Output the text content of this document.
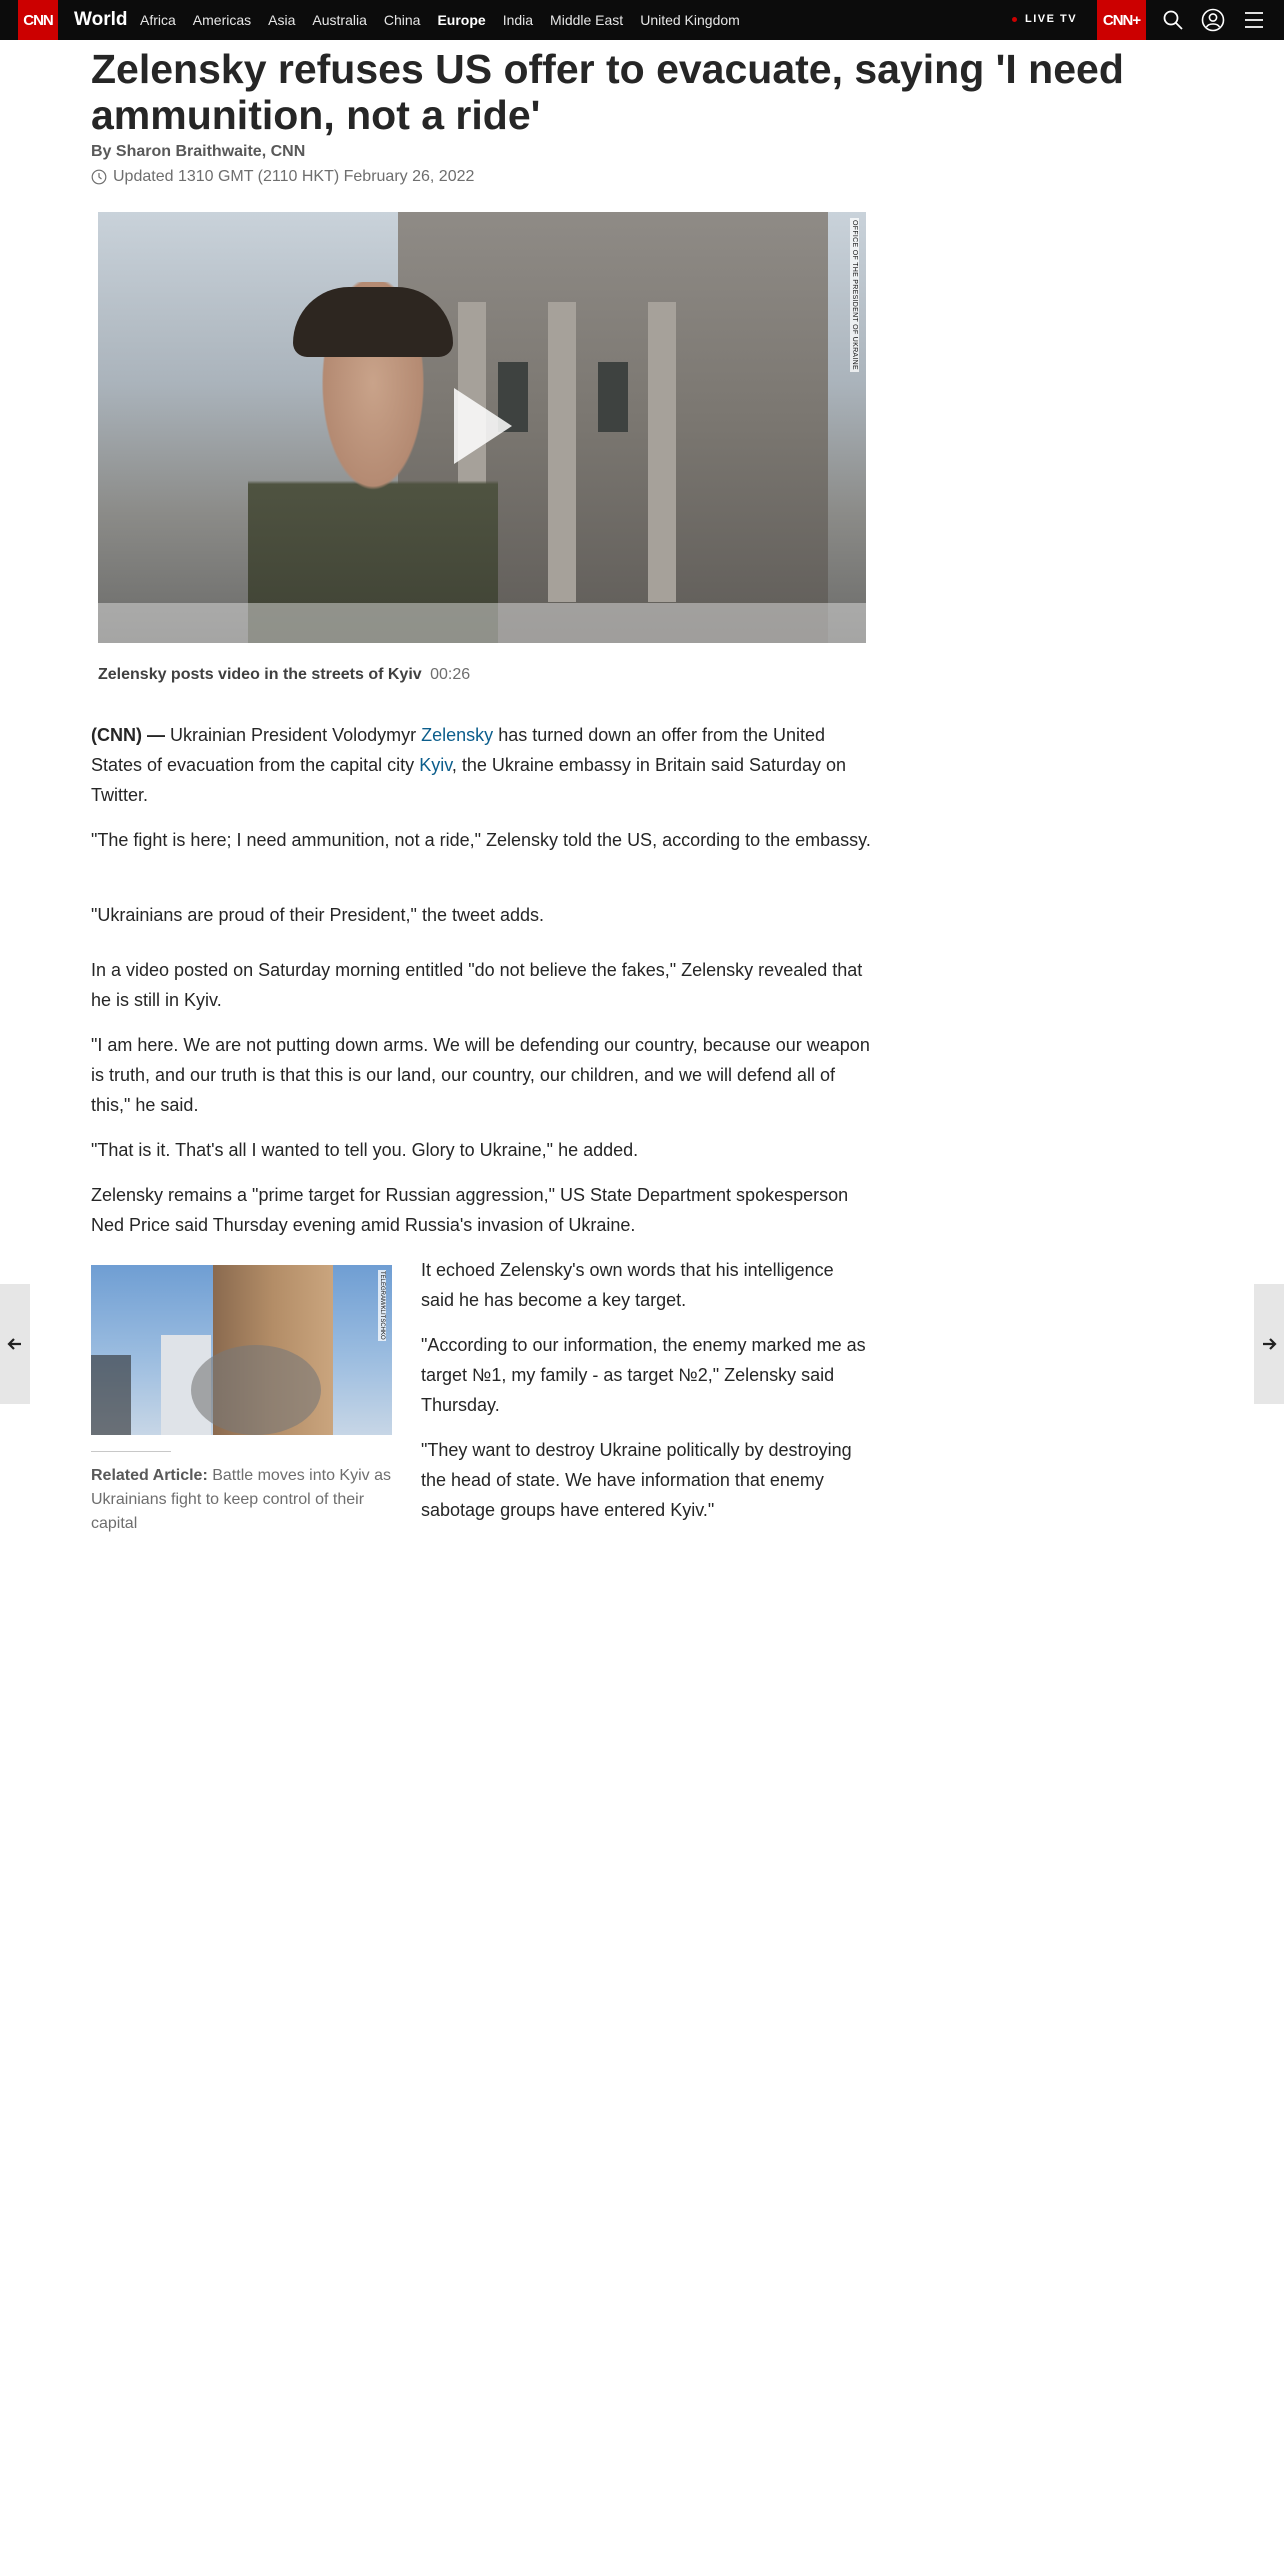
CNN World Africa Americas Asia Australia China Europe India Middle East United Kingdom	LIVE TV	CNN+
Zelensky refuses US offer to evacuate, saying 'I need ammunition, not a ride'
By Sharon Braithwaite, CNN
Updated 1310 GMT (2110 HKT) February 26, 2022
OFFICE OF THE PRESIDENT OF UKRAINE
Zelensky posts video in the streets of Kyiv 00:26

(CNN) — Ukrainian President Volodymyr Zelensky has turned down an offer from the United States of evacuation from the capital city Kyiv, the Ukraine embassy in Britain said Saturday on Twitter.

"The fight is here; I need ammunition, not a ride," Zelensky told the US, according to the embassy.

"Ukrainians are proud of their President," the tweet adds.

In a video posted on Saturday morning entitled "do not believe the fakes," Zelensky revealed that he is still in Kyiv.

"I am here. We are not putting down arms. We will be defending our country, because our weapon is truth, and our truth is that this is our land, our country, our children, and we will defend all of this," he said.

"That is it. That's all I wanted to tell you. Glory to Ukraine," he added.

Zelensky remains a "prime target for Russian aggression," US State Department spokesperson Ned Price said Thursday evening amid Russia's invasion of Ukraine.

TELEGRAM/KLITSCHKO
Related Article: Battle moves into Kyiv as Ukrainians fight to keep control of their capital

It echoed Zelensky's own words that his intelligence said he has become a key target.

"According to our information, the enemy marked me as target №1, my family - as target №2," Zelensky said Thursday.

"They want to destroy Ukraine politically by destroying the head of state. We have information that enemy sabotage groups have entered Kyiv."
